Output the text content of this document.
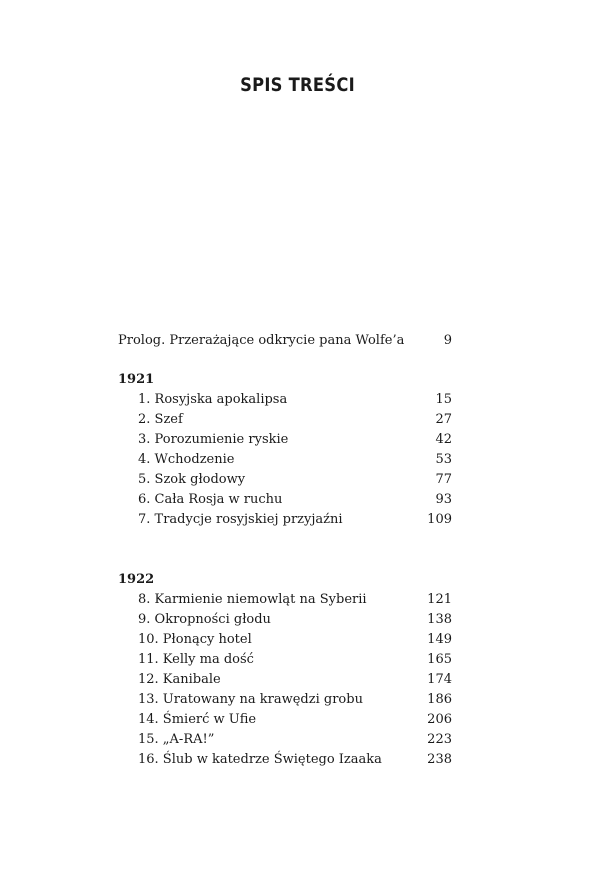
SPIS TREŚCI
Prolog. Przerażające odkrycie pana Wolfe’a	9
1921
1. Rosyjska apokalipsa	15
2. Szef	27
3. Porozumienie ryskie	42
4. Wchodzenie	53
5. Szok głodowy	77
6. Cała Rosja w ruchu	93
7. Tradycje rosyjskiej przyjaźni	109
1922
8. Karmienie niemowląt na Syberii	121
9. Okropności głodu	138
10. Płonący hotel	149
11. Kelly ma dość	165
12. Kanibale	174
13. Uratowany na krawędzi grobu	186
14. Śmierć w Ufie	206
15. „A-RA!”	223
16. Ślub w katedrze Świętego Izaaka	238
